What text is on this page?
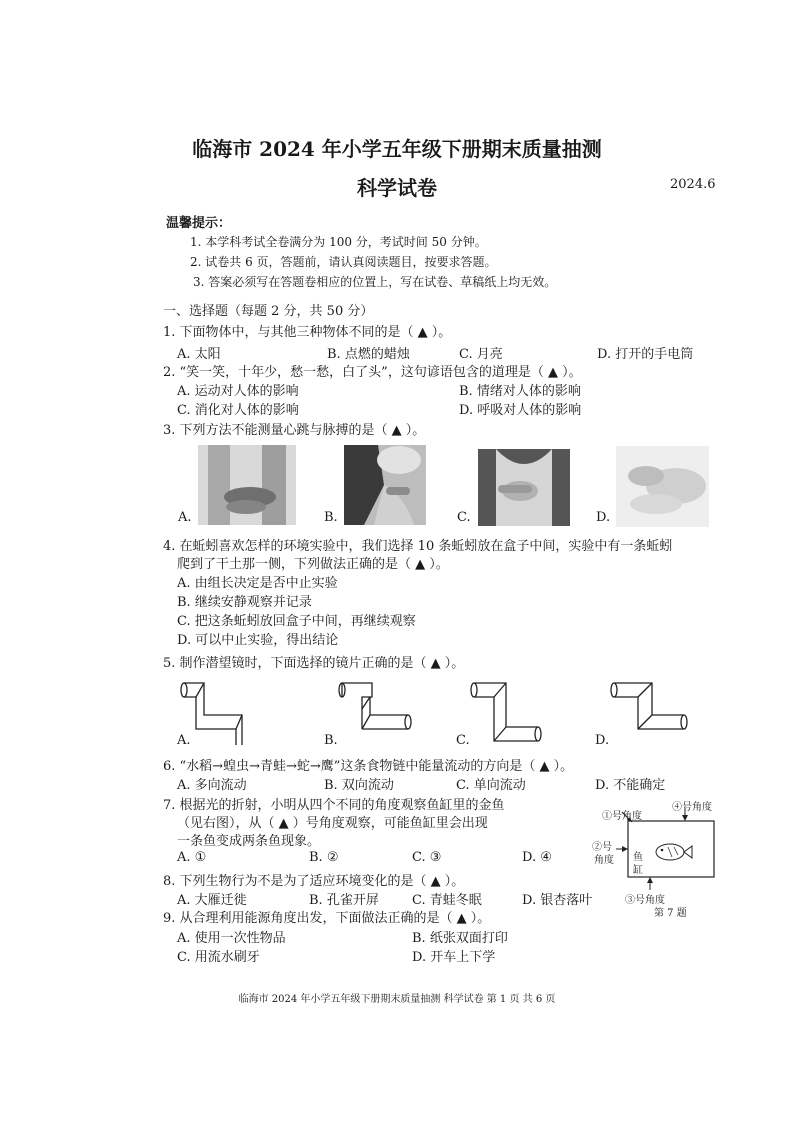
临海市 2024 年小学五年级下册期末质量抽测
科学试卷	2024.6
温馨提示：
1. 本学科考试全卷满分为 100 分，考试时间 50 分钟。
2. 试卷共 6 页，答题前，请认真阅读题目，按要求答题。
3. 答案必须写在答题卷相应的位置上，写在试卷、草稿纸上均无效。
一、选择题（每题 2 分，共 50 分）
1. 下面物体中，与其他三种物体不同的是（ ▲ ）。
A. 太阳	B. 点燃的蜡烛	C. 月亮	D. 打开的手电筒
2. “笑一笑，十年少，愁一愁，白了头”，这句谚语包含的道理是（ ▲ ）。
A. 运动对人体的影响	B. 情绪对人体的影响
C. 消化对人体的影响	D. 呼吸对人体的影响
3. 下列方法不能测量心跳与脉搏的是（ ▲ ）。
A.	B.	C.	D.
4. 在蚯蚓喜欢怎样的环境实验中，我们选择 10 条蚯蚓放在盒子中间，实验中有一条蚯蚓
爬到了干土那一侧，下列做法正确的是（ ▲ ）。
A. 由组长决定是否中止实验
B. 继续安静观察并记录
C. 把这条蚯蚓放回盒子中间，再继续观察
D. 可以中止实验，得出结论
5. 制作潜望镜时，下面选择的镜片正确的是（ ▲ ）。
A.	B.	C.	D.
6. “水稻→蝗虫→青蛙→蛇→鹰”这条食物链中能量流动的方向是（ ▲ ）。
A. 多向流动	B. 双向流动	C. 单向流动	D. 不能确定
7. 根据光的折射，小明从四个不同的角度观察鱼缸里的金鱼
（见右图），从（ ▲ ）号角度观察，可能鱼缸里会出现
一条鱼变成两条鱼现象。
A. ①	B. ②	C. ③	D. ④
①号角度
④号角度
②号
角度 鱼
缸
③号角度
第 7 题
8. 下列生物行为不是为了适应环境变化的是（ ▲ ）。
A. 大雁迁徙	B. 孔雀开屏	C. 青蛙冬眠	D. 银杏落叶
9. 从合理利用能源角度出发，下面做法正确的是（ ▲ ）。
A. 使用一次性物品	B. 纸张双面打印
C. 用流水刷牙	D. 开车上下学
临海市 2024 年小学五年级下册期末质量抽测 科学试卷 第 1 页 共 6 页
